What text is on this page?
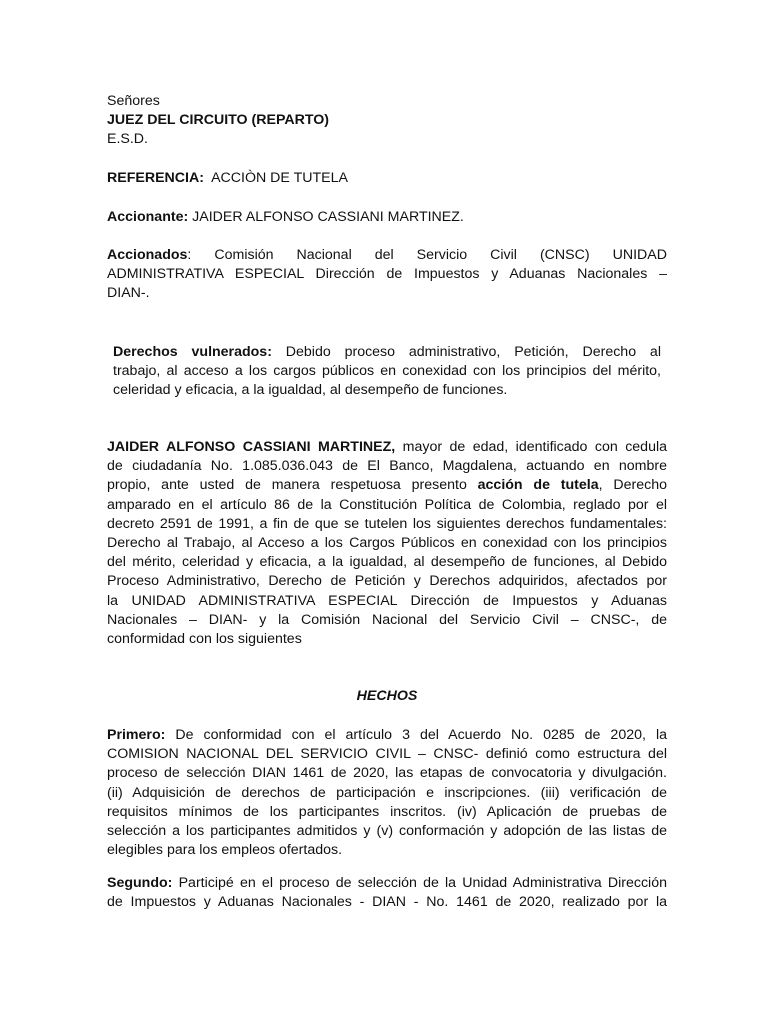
Señores
JUEZ DEL CIRCUITO (REPARTO)
E.S.D.
REFERENCIA: ACCIÒN DE TUTELA
Accionante: JAIDER ALFONSO CASSIANI MARTINEZ.
Accionados: Comisión Nacional del Servicio Civil (CNSC) UNIDAD
ADMINISTRATIVA ESPECIAL Dirección de Impuestos y Aduanas Nacionales –
DIAN-.
Derechos vulnerados: Debido proceso administrativo, Petición, Derecho al
trabajo, al acceso a los cargos públicos en conexidad con los principios del mérito,
celeridad y eficacia, a la igualdad, al desempeño de funciones.
JAIDER ALFONSO CASSIANI MARTINEZ, mayor de edad, identificado con cedula
de ciudadanía No. 1.085.036.043 de El Banco, Magdalena, actuando en nombre
propio, ante usted de manera respetuosa presento acción de tutela, Derecho
amparado en el artículo 86 de la Constitución Política de Colombia, reglado por el
decreto 2591 de 1991, a fin de que se tutelen los siguientes derechos fundamentales:
Derecho al Trabajo, al Acceso a los Cargos Públicos en conexidad con los principios
del mérito, celeridad y eficacia, a la igualdad, al desempeño de funciones, al Debido
Proceso Administrativo, Derecho de Petición y Derechos adquiridos, afectados por
la UNIDAD ADMINISTRATIVA ESPECIAL Dirección de Impuestos y Aduanas
Nacionales – DIAN- y la Comisión Nacional del Servicio Civil – CNSC-, de
conformidad con los siguientes
HECHOS
Primero: De conformidad con el artículo 3 del Acuerdo No. 0285 de 2020, la
COMISION NACIONAL DEL SERVICIO CIVIL – CNSC- definió como estructura del
proceso de selección DIAN 1461 de 2020, las etapas de convocatoria y divulgación.
(ii) Adquisición de derechos de participación e inscripciones. (iii) verificación de
requisitos mínimos de los participantes inscritos. (iv) Aplicación de pruebas de
selección a los participantes admitidos y (v) conformación y adopción de las listas de
elegibles para los empleos ofertados.
Segundo: Participé en el proceso de selección de la Unidad Administrativa Dirección
de Impuestos y Aduanas Nacionales - DIAN - No. 1461 de 2020, realizado por la
